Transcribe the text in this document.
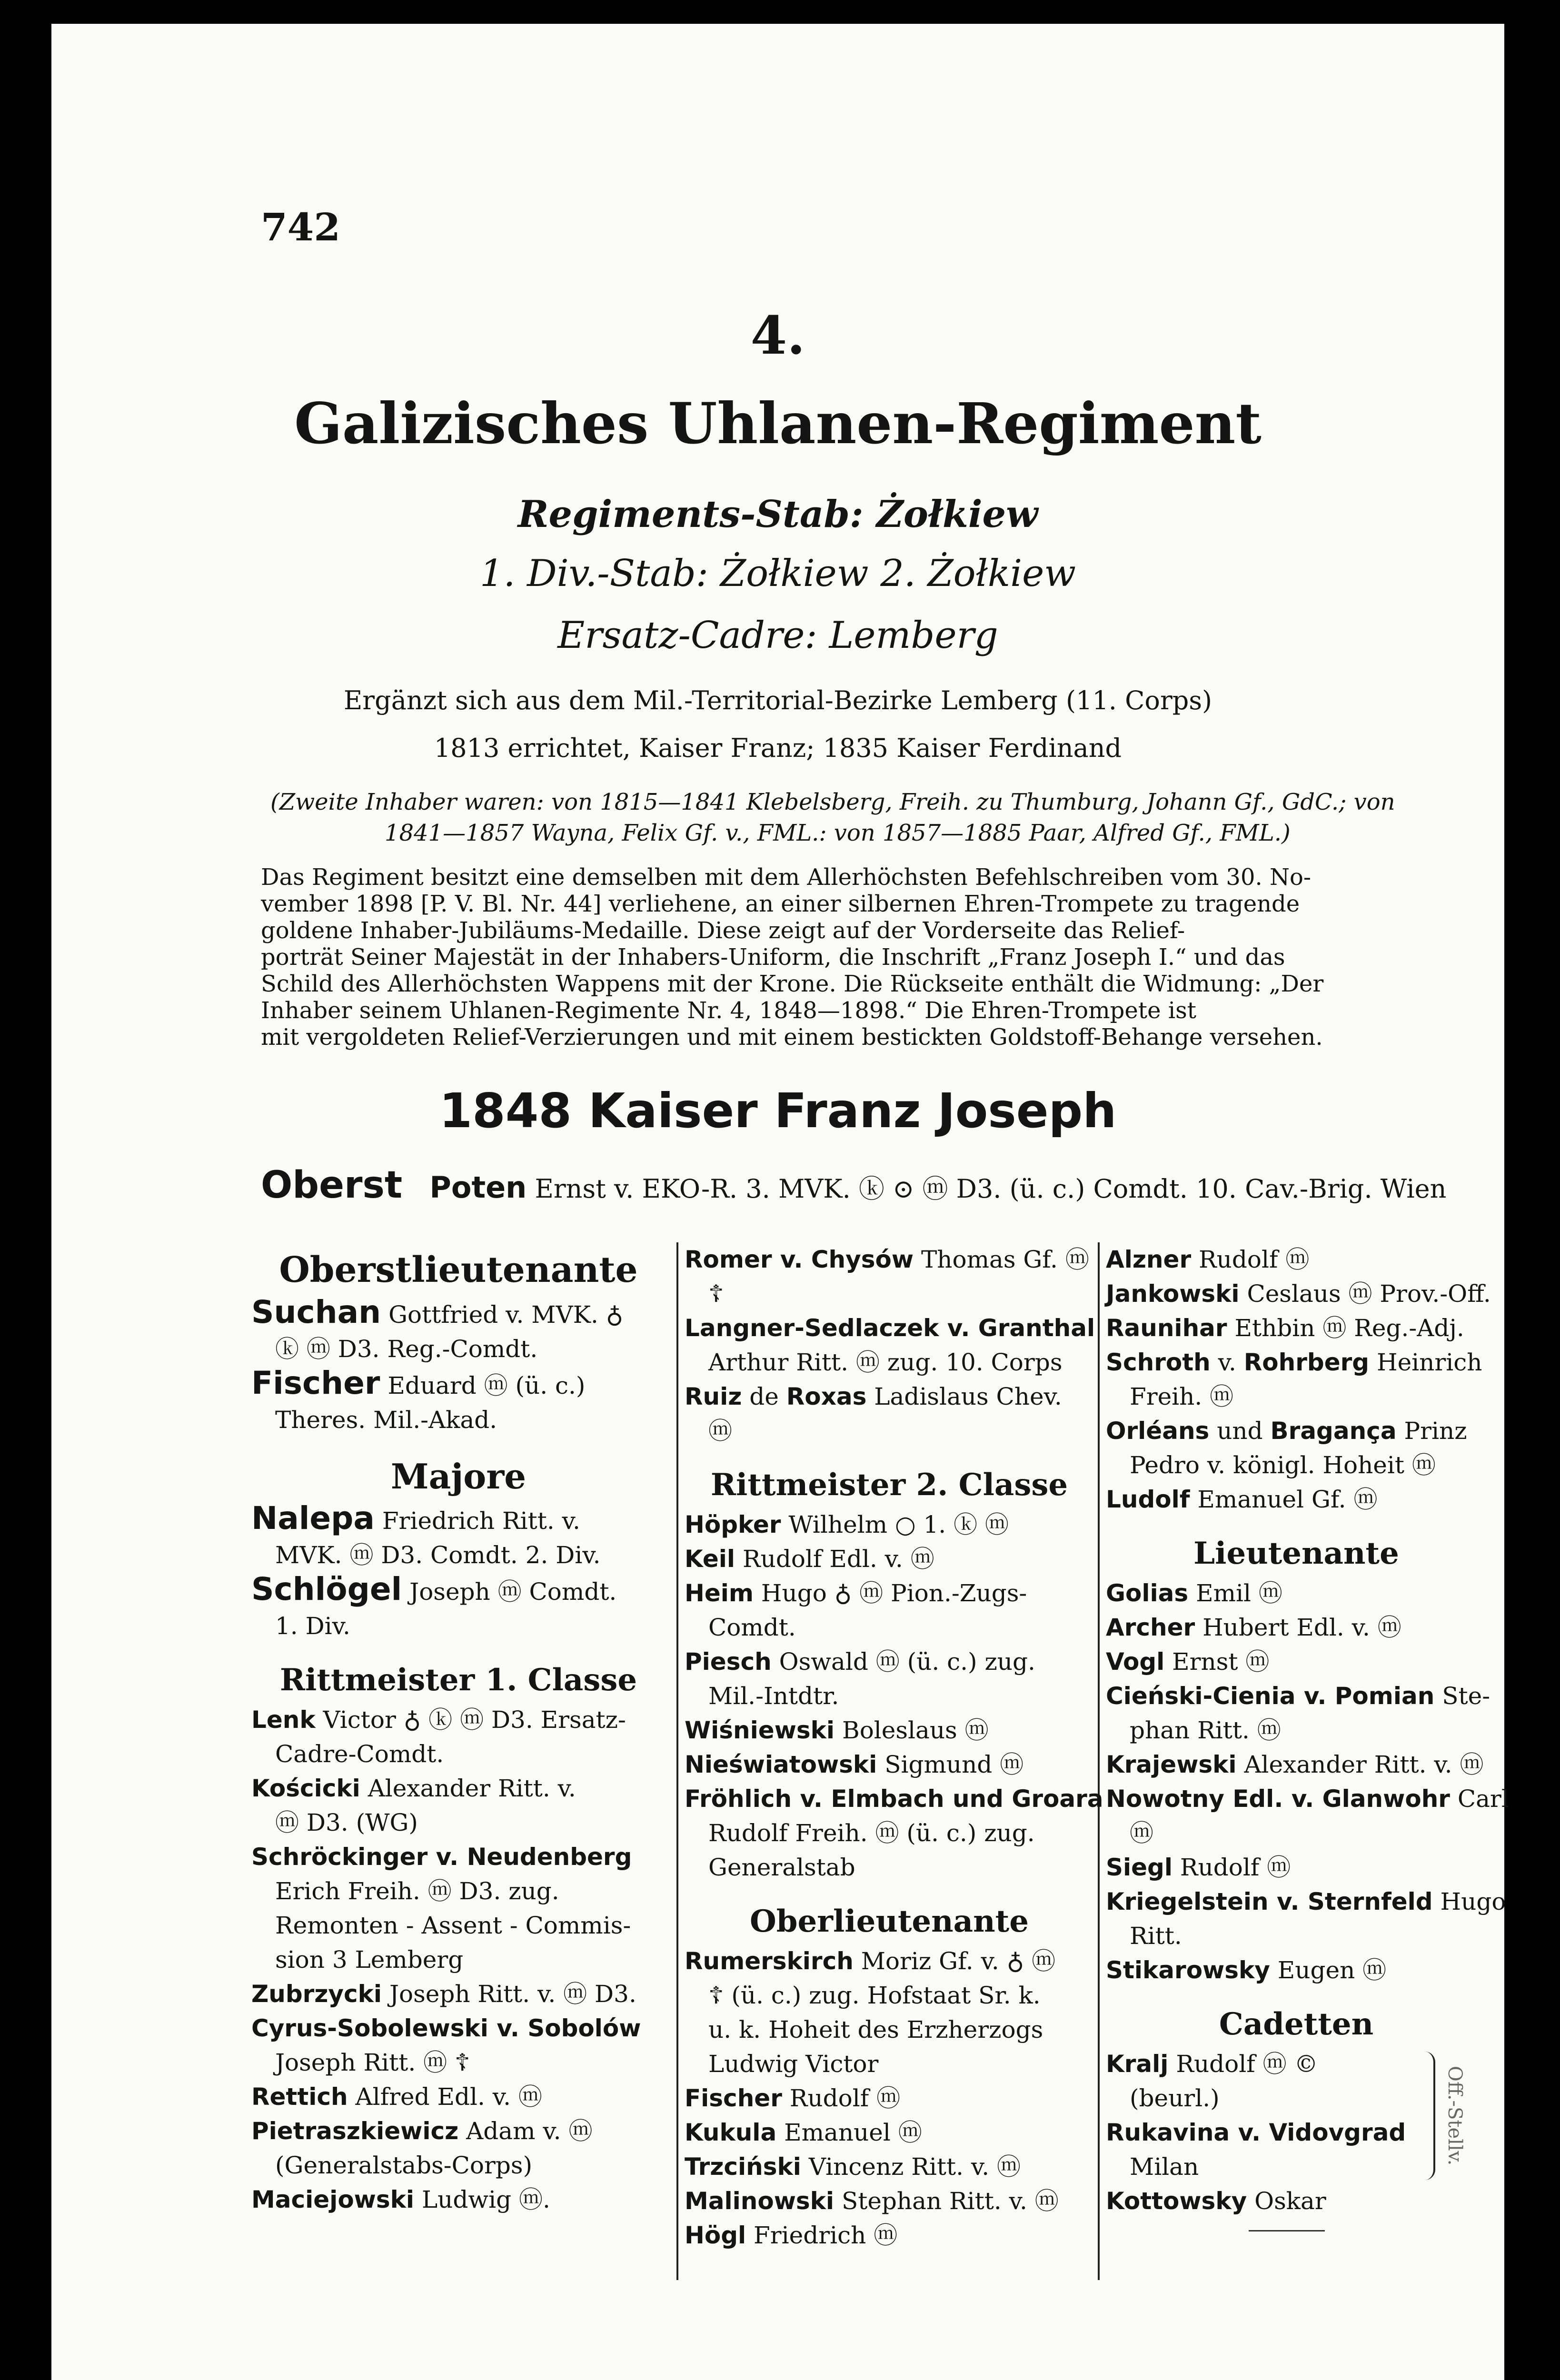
742
4.
Galizisches Uhlanen-Regiment
Regiments-Stab: Żołkiew
1. Div.-Stab: Żołkiew 2. Żołkiew
Ersatz-Cadre: Lemberg
Ergänzt sich aus dem Mil.-Territorial-Bezirke Lemberg (11. Corps)
1813 errichtet, Kaiser Franz; 1835 Kaiser Ferdinand
(Zweite Inhaber waren: von 1815—1841 Klebelsberg, Freih. zu Thumburg, Johann Gf., GdC.; von
1841—1857 Wayna, Felix Gf. v., FML.: von 1857—1885 Paar, Alfred Gf., FML.)
Das Regiment besitzt eine demselben mit dem Allerhöchsten Befehlschreiben vom 30. No-
vember 1898 [P. V. Bl. Nr. 44] verliehene, an einer silbernen Ehren-Trompete zu tragende
goldene Inhaber-Jubiläums-Medaille. Diese zeigt auf der Vorderseite das Relief-
porträt Seiner Majestät in der Inhabers-Uniform, die Inschrift „Franz Joseph I.“ und das
Schild des Allerhöchsten Wappens mit der Krone. Die Rückseite enthält die Widmung: „Der
Inhaber seinem Uhlanen-Regimente Nr. 4, 1848—1898.“ Die Ehren-Trompete ist
mit vergoldeten Relief-Verzierungen und mit einem bestickten Goldstoff-Behange versehen.
1848 Kaiser Franz Joseph
Oberst Poten Ernst v. EKO-R. 3. MVK. ⓚ ⊙ ⓜ D3. (ü. c.) Comdt. 10. Cav.-Brig. Wien
Oberstlieutenante

Suchan Gottfried v. MVK. ♁

ⓚ ⓜ D3. Reg.-Comdt.

Fischer Eduard ⓜ (ü. c.)

Theres. Mil.-Akad.

Majore

Nalepa Friedrich Ritt. v.

MVK. ⓜ D3. Comdt. 2. Div.

Schlögel Joseph ⓜ Comdt.

1. Div.

Rittmeister 1. Classe

Lenk Victor ♁ ⓚ ⓜ D3. Ersatz-

Cadre-Comdt.

Kościcki Alexander Ritt. v.

ⓜ D3. (WG)

Schröckinger v. Neudenberg

Erich Freih. ⓜ D3. zug.

Remonten - Assent - Commis-

sion 3 Lemberg

Zubrzycki Joseph Ritt. v. ⓜ D3.

Cyrus-Sobolewski v. Sobolów

Joseph Ritt. ⓜ ☦

Rettich Alfred Edl. v. ⓜ

Pietraszkiewicz Adam v. ⓜ

(Generalstabs-Corps)

Maciejowski Ludwig ⓜ.

Romer v. Chysów Thomas Gf. ⓜ

☦

Langner-Sedlaczek v. Granthal

Arthur Ritt. ⓜ zug. 10. Corps

Ruiz de Roxas Ladislaus Chev.

ⓜ

Rittmeister 2. Classe

Höpker Wilhelm ○ 1. ⓚ ⓜ

Keil Rudolf Edl. v. ⓜ

Heim Hugo ♁ ⓜ Pion.-Zugs-

Comdt.

Piesch Oswald ⓜ (ü. c.) zug.

Mil.-Intdtr.

Wiśniewski Boleslaus ⓜ

Nieświatowski Sigmund ⓜ

Fröhlich v. Elmbach und Groara

Rudolf Freih. ⓜ (ü. c.) zug.

Generalstab

Oberlieutenante

Rumerskirch Moriz Gf. v. ♁ ⓜ

☦ (ü. c.) zug. Hofstaat Sr. k.

u. k. Hoheit des Erzherzogs

Ludwig Victor

Fischer Rudolf ⓜ

Kukula Emanuel ⓜ

Trzciński Vincenz Ritt. v. ⓜ

Malinowski Stephan Ritt. v. ⓜ

Högl Friedrich ⓜ

Alzner Rudolf ⓜ

Jankowski Ceslaus ⓜ Prov.-Off.

Raunihar Ethbin ⓜ Reg.-Adj.

Schroth v. Rohrberg Heinrich

Freih. ⓜ

Orléans und Bragança Prinz

Pedro v. königl. Hoheit ⓜ

Ludolf Emanuel Gf. ⓜ

Lieutenante

Golias Emil ⓜ

Archer Hubert Edl. v. ⓜ

Vogl Ernst ⓜ

Cieński-Cienia v. Pomian Ste-

phan Ritt. ⓜ

Krajewski Alexander Ritt. v. ⓜ

Nowotny Edl. v. Glanwohr Carl

ⓜ

Siegl Rudolf ⓜ

Kriegelstein v. Sternfeld Hugo

Ritt.

Stikarowsky Eugen ⓜ

Cadetten

Kralj Rudolf ⓜ ©

(beurl.)

Rukavina v. Vidovgrad

Milan

Kottowsky Oskar

Off.-Stellv.
